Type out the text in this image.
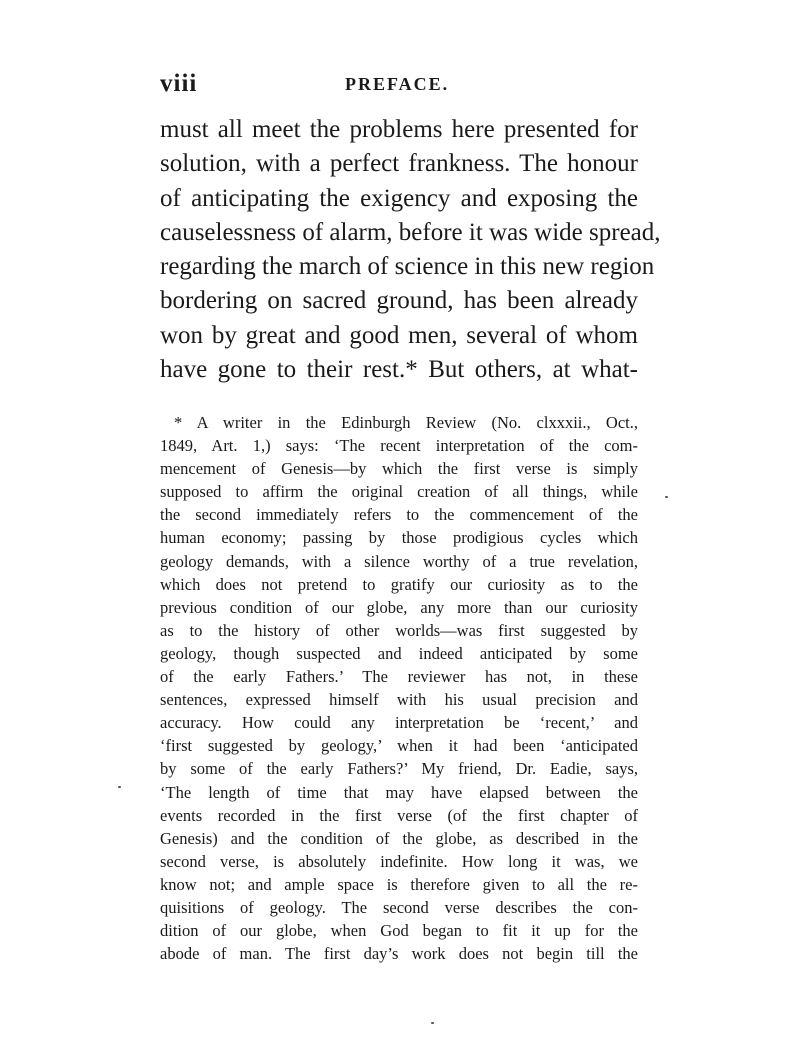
viii	PREFACE.
must all meet the problems here presented for
solution, with a perfect frankness. The honour
of anticipating the exigency and exposing the
causelessness of alarm, before it was wide spread,
regarding the march of science in this new region
bordering on sacred ground, has been already
won by great and good men, several of whom
have gone to their rest.* But others, at what-
* A writer in the Edinburgh Review (No. clxxxii., Oct.,
1849, Art. 1,) says: ‘The recent interpretation of the com-
mencement of Genesis—by which the first verse is simply
supposed to affirm the original creation of all things, while
the second immediately refers to the commencement of the
human economy; passing by those prodigious cycles which
geology demands, with a silence worthy of a true revelation,
which does not pretend to gratify our curiosity as to the
previous condition of our globe, any more than our curiosity
as to the history of other worlds—was first suggested by
geology, though suspected and indeed anticipated by some
of the early Fathers.’ The reviewer has not, in these
sentences, expressed himself with his usual precision and
accuracy. How could any interpretation be ‘recent,’ and
‘first suggested by geology,’ when it had been ‘anticipated
by some of the early Fathers?’ My friend, Dr. Eadie, says,
‘The length of time that may have elapsed between the
events recorded in the first verse (of the first chapter of
Genesis) and the condition of the globe, as described in the
second verse, is absolutely indefinite. How long it was, we
know not; and ample space is therefore given to all the re-
quisitions of geology. The second verse describes the con-
dition of our globe, when God began to fit it up for the
abode of man. The first day’s work does not begin till the
